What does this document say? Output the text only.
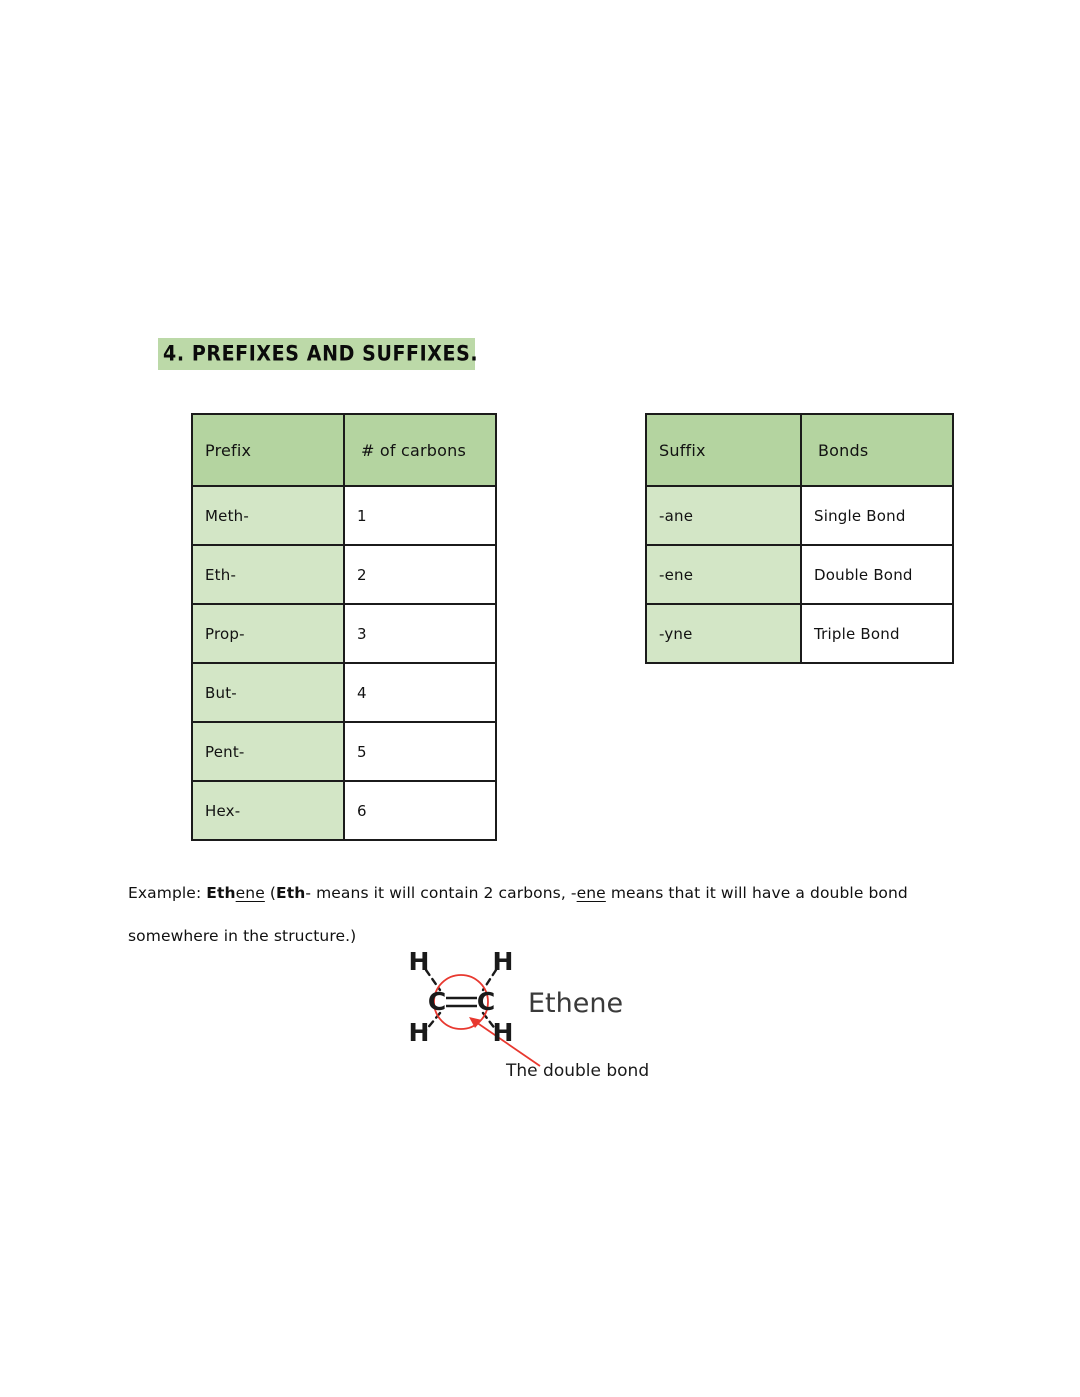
4. PREFIXES AND SUFFIXES.
Prefix	# of carbons
Meth-	1
Eth-	2
Prop-	3
But-	4
Pent-	5
Hex-	6
Suffix	Bonds
-ane	Single Bond
-ene	Double Bond
-yne	Triple Bond
Example: Ethene (Eth- means it will contain 2 carbons, -ene means that it will have a double bond somewhere in the structure.)
C C
H	H
H	H
Ethene
The double bond
